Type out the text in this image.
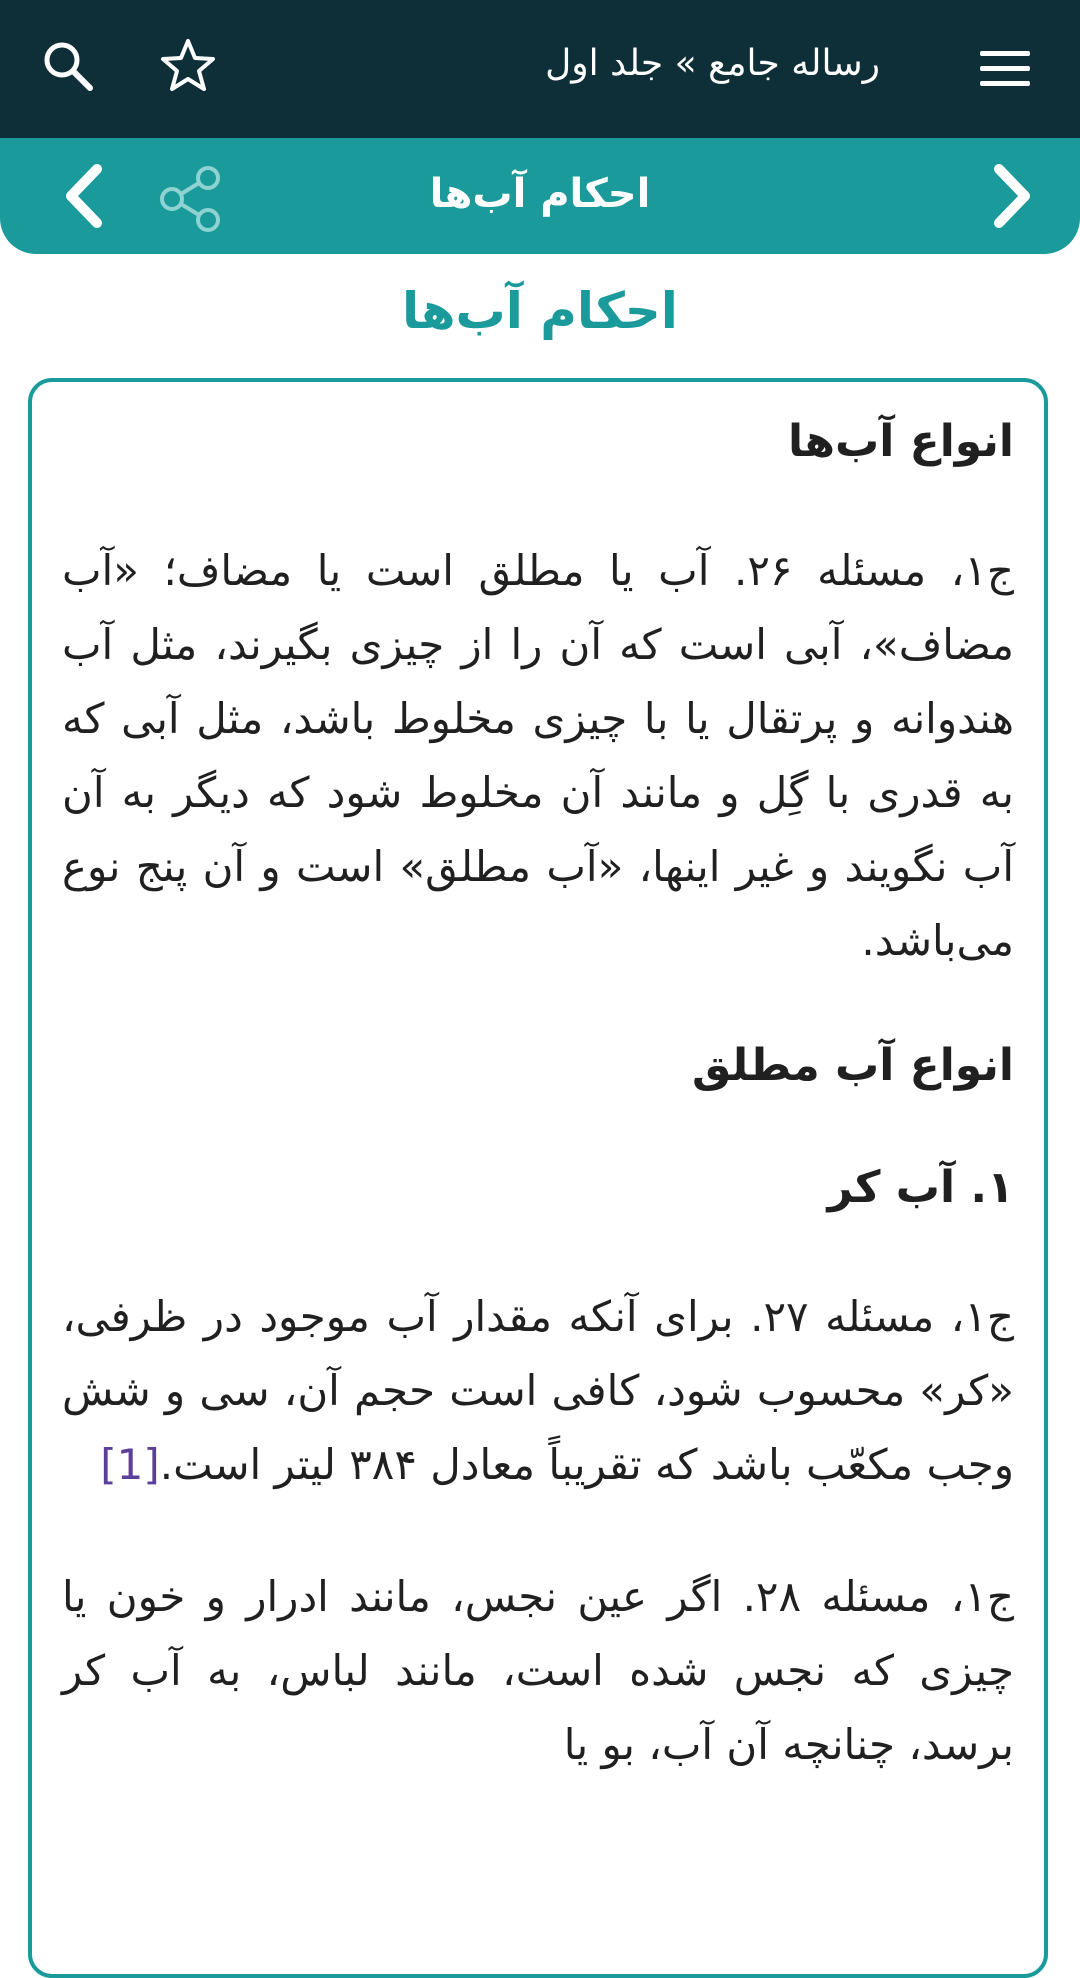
رساله جامع » جلد اول
احکام آب‌ها
احکام آب‌ها
انواع آب‌ها
ج۱، مسئله ۲۶. آب یا مطلق است یا مضاف؛ «آب مضاف»، آبی است که آن را از چیزی بگیرند، مثل آب هندوانه و پرتقال یا با چیزی مخلوط باشد، مثل آبی که به قدری با گِل و مانند آن مخلوط شود که دیگر به آن آب نگویند و غیر اینها، «آب مطلق» است و آن پنج نوع می‌باشد.
انواع آب مطلق
۱. آب کر
ج۱، مسئله ۲۷. برای آنکه مقدار آب موجود در ظرفی، «کر» محسوب شود، کافی است حجم آن، سی و شش وجب مکعّب باشد که تقریباً معادل ۳۸۴ لیتر است.[1]
ج۱، مسئله ۲۸. اگر عین نجس، مانند ادرار و خون یا چیزی که نجس شده است، مانند لباس، به آب کر برسد، چنانچه آن آب، بو یا
